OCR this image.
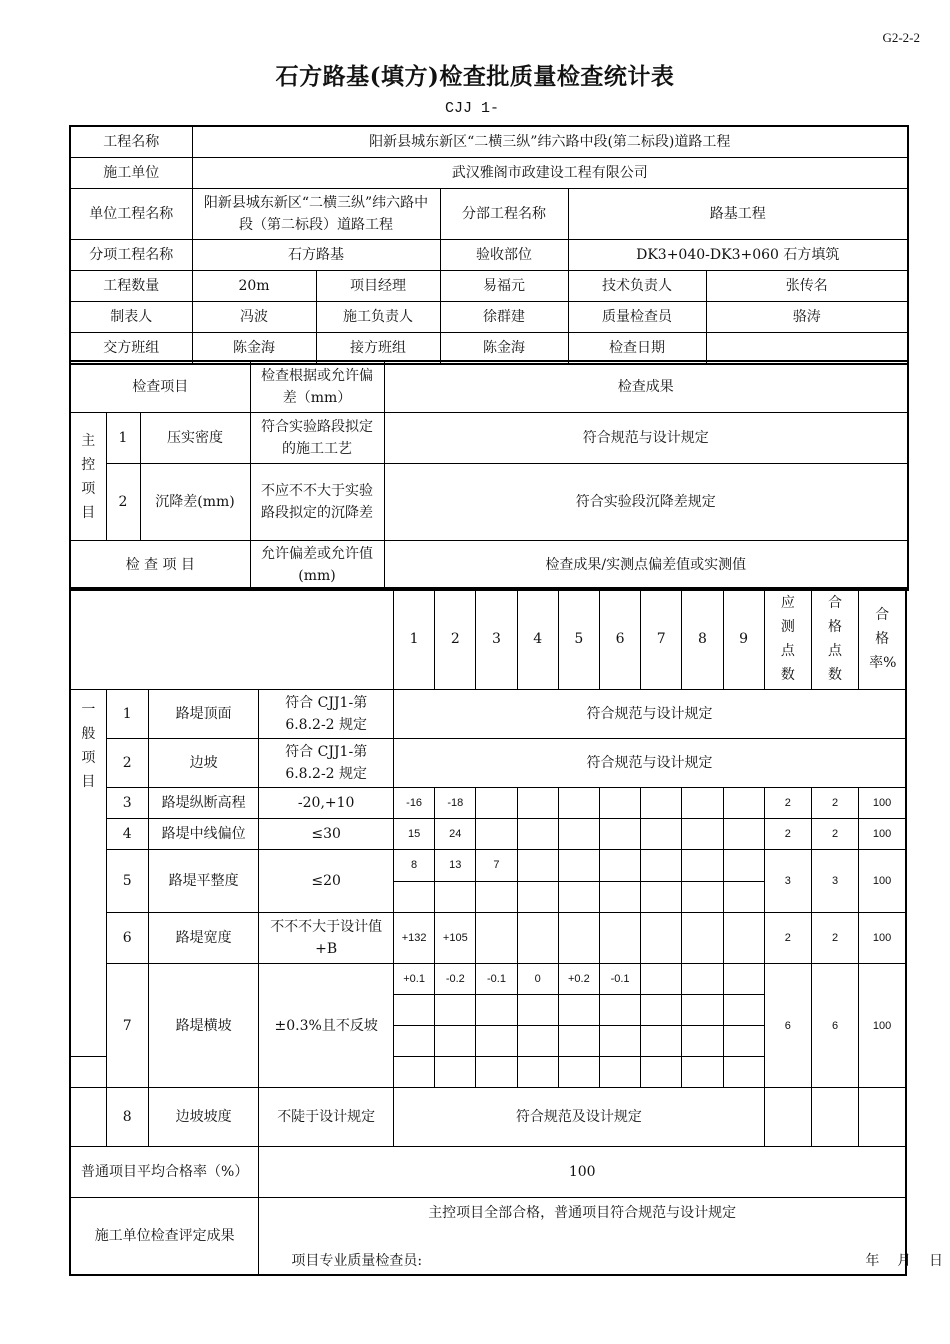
G2-2-2
石方路基(填方)检查批质量检查统计表
CJJ 1-
工程名称	阳新县城东新区“二横三纵”纬六路中段(第二标段)道路工程				
施工单位	武汉雅阁市政建设工程有限公司				
单位工程名称	阳新县城东新区“二横三纵”纬六路中段（第二标段）道路工程		分部工程名称	路基工程	
分项工程名称	石方路基		验收部位	DK3+040-DK3+060 石方填筑	
工程数量	20m	项目经理	易福元	技术负责人	张传名
制表人	冯波	施工负责人	徐群建	质量检查员	骆涛
交方班组	陈金海	接方班组	陈金海	检查日期	
检查项目			检查根据或允许偏差（mm）	检查成果
主控项目	1	压实密度	符合实验路段拟定的施工工艺	符合规范与设计规定
	2	沉降差(mm)	不应不不大于实验路段拟定的沉降差	符合实验段沉降差规定
检 查 项 目			允许偏差或允许值(mm)	检查成果/实测点偏差值或实测值
				1	2	3	4	5	6	7	8	9	应测点数	合格点数	合格率%
一般项目	1	路堤顶面	符合 CJJ1-第6.8.2-2 规定	符合规范与设计规定											
	2	边坡	符合 CJJ1-第6.8.2-2 规定	符合规范与设计规定											
	3	路堤纵断高程	-20,+10	-16	-18								2	2	100
	4	路堤中线偏位	≤30	15	24								2	2	100
	5	路堤平整度	≤20	8	13	7							3	3	100

	6	路堤宽度	不不不大于设计值+B	+132	+105								2	2	100
	7	路堤横坡	±0.3%且不反坡	+0.1	-0.2	-0.1	0	+0.2	-0.1				6	6	100

	8	边坡坡度	不陡于设计规定	符合规范及设计规定											
普通项目平均合格率（%）			100												
施工单位检查评定成果			主控项目全部合格，普通项目符合规范与设计规定
项目专业质量检查员: 年    月    日												
